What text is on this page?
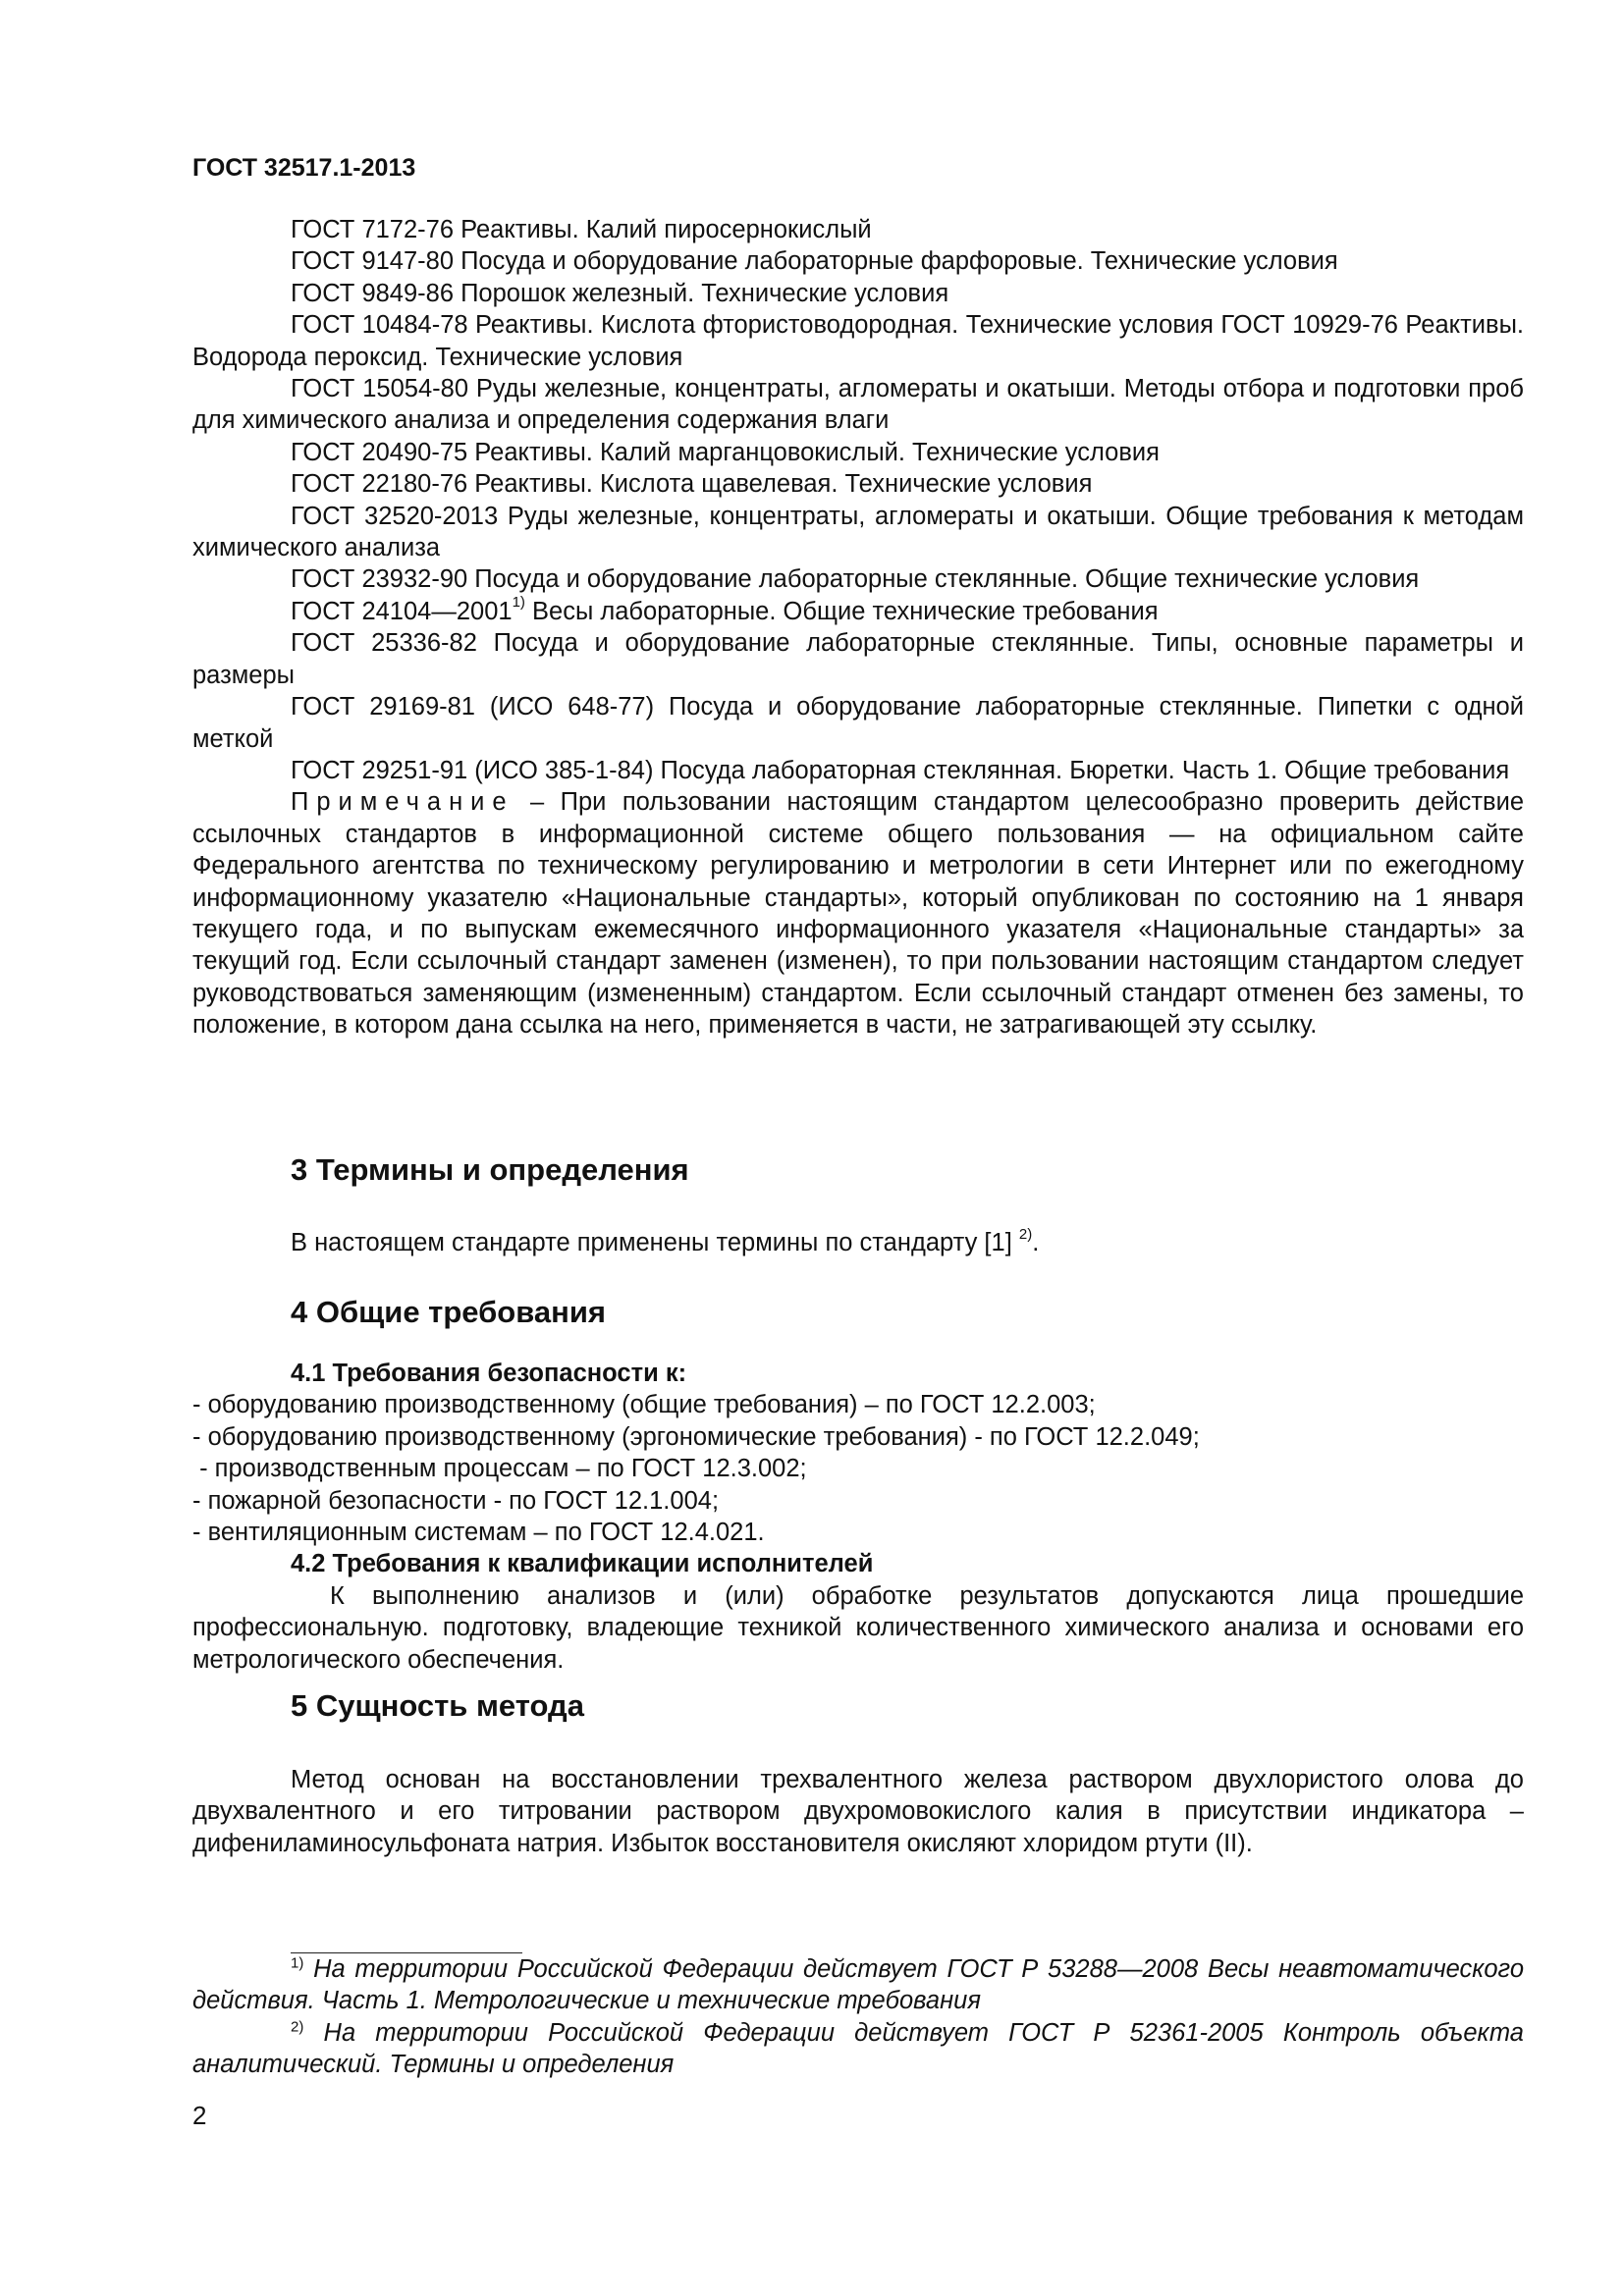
ГОСТ 32517.1-2013

ГОСТ 7172-76 Реактивы. Калий пиросернокислый

ГОСТ 9147-80 Посуда и оборудование лабораторные фарфоровые. Технические условия

ГОСТ 9849-86 Порошок железный. Технические условия

ГОСТ 10484-78 Реактивы. Кислота фтористоводородная. Технические условия ГОСТ 10929-76 Реактивы. Водорода пероксид. Технические условия

ГОСТ 15054-80 Руды железные, концентраты, агломераты и окатыши. Методы отбора и подготовки проб для химического анализа и определения содержания влаги

ГОСТ 20490-75 Реактивы. Калий марганцовокислый. Технические условия

ГОСТ 22180-76 Реактивы. Кислота щавелевая. Технические условия

ГОСТ 32520-2013 Руды железные, концентраты, агломераты и окатыши. Общие требования к методам химического анализа

ГОСТ 23932-90 Посуда и оборудование лабораторные стеклянные. Общие технические условия

ГОСТ 24104—2001$^{1)}$ Весы лабораторные. Общие технические требования

ГОСТ 25336-82 Посуда и оборудование лабораторные стеклянные. Типы, основные параметры и размеры

ГОСТ 29169-81 (ИСО 648-77) Посуда и оборудование лабораторные стеклянные. Пипетки с одной меткой

ГОСТ 29251-91 (ИСО 385-1-84) Посуда лабораторная стеклянная. Бюретки. Часть 1. Общие требования

Примечание – При пользовании настоящим стандартом целесообразно проверить действие ссылочных стандартов в информационной системе общего пользования — на официальном сайте Федерального агентства по техническому регулированию и метрологии в сети Интернет или по ежегодному информационному указателю «Национальные стандарты», который опубликован по состоянию на 1 января текущего года, и по выпускам ежемесячного информационного указателя «Национальные стандарты» за текущий год. Если ссылочный стандарт заменен (изменен), то при пользовании настоящим стандартом следует руководствоваться заменяющим (измененным) стандартом. Если ссылочный стандарт отменен без замены, то положение, в котором дана ссылка на него, применяется в части, не затрагивающей эту ссылку.

3 Термины и определения

В настоящем стандарте применены термины по стандарту [1] $^{2)}$.

4 Общие требования

4.1 Требования безопасности к:

- оборудованию производственному (общие требования) – по ГОСТ 12.2.003;

- оборудованию производственному (эргономические требования) - по ГОСТ 12.2.049;

- производственным процессам – по ГОСТ 12.3.002;

- пожарной безопасности - по ГОСТ 12.1.004;

- вентиляционным системам – по ГОСТ 12.4.021.

4.2 Требования к квалификации исполнителей

К выполнению анализов и (или) обработке результатов допускаются лица прошедшие профессиональную. подготовку, владеющие техникой количественного химического анализа и основами его метрологического обеспечения.

5 Сущность метода

Метод основан на восстановлении трехвалентного железа раствором двухлористого олова до двухвалентного и его титровании раствором двухромовокислого калия в присутствии индикатора – дифениламиносульфоната натрия. Избыток восстановителя окисляют хлоридом ртути (II).

$^{1)}$ На территории Российской Федерации действует ГОСТ Р 53288—2008 Весы неавтоматического действия. Часть 1. Метрологические и технические требования

$^{2)}$ На территории Российской Федерации действует ГОСТ Р 52361-2005 Контроль объекта аналитический. Термины и определения

2
